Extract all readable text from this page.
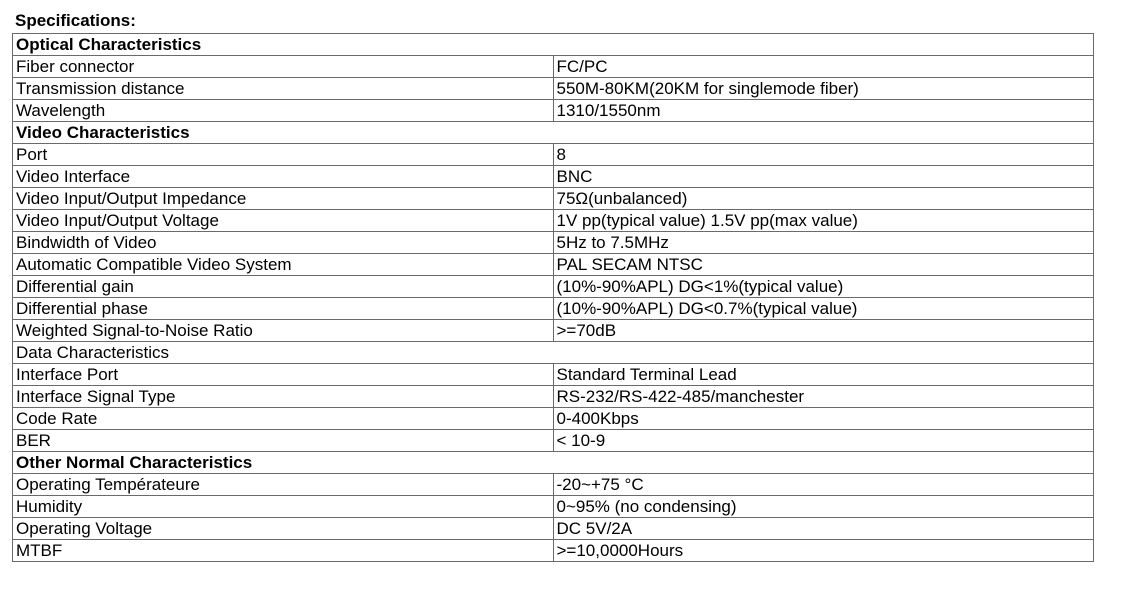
Specifications:
Optical Characteristics	
Fiber connector	FC/PC
Transmission distance	550M-80KM(20KM for singlemode fiber)
Wavelength	1310/1550nm
Video Characteristics	
Port	8
Video Interface	BNC
Video Input/Output Impedance	75Ω(unbalanced)
Video Input/Output Voltage	1V pp(typical value) 1.5V pp(max value)
Bindwidth of Video	5Hz to 7.5MHz
Automatic Compatible Video System	PAL SECAM NTSC
Differential gain	(10%-90%APL) DG<1%(typical value)
Differential phase	(10%-90%APL) DG<0.7%(typical value)
Weighted Signal-to-Noise Ratio	>=70dB
Data Characteristics	
Interface Port	Standard Terminal Lead
Interface Signal Type	RS-232/RS-422-485/manchester
Code Rate	0-400Kbps
BER	< 10-9
Other Normal Characteristics	
Operating Températeure	-20~+75 °C
Humidity	0~95% (no condensing)
Operating Voltage	DC 5V/2A
MTBF	>=10,0000Hours
